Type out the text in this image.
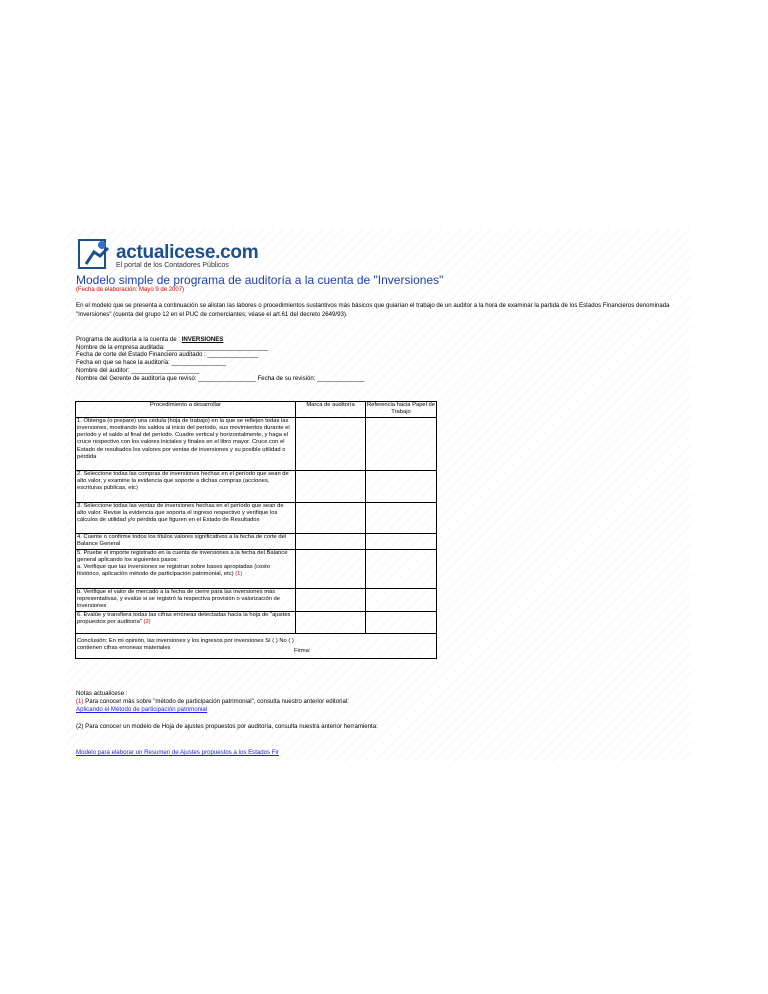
actualicese.com
El portal de los Contadores Públicos
Modelo simple de programa de auditoría a la cuenta de "Inversiones"
(Fecha de elaboración: Mayo 9 de 2007)
En el modelo que se presenta a continuación se alistan las labores o procedimientos sustantivos más básicos que guiarían el trabajo de un auditor a la hora de examinar la partida de los Estados Financieros denominada "Inversiones" (cuenta del grupo 12 en el PUC de comerciantes; véase el art.61 del decreto 2649/93).
Programa de auditoría a la cuenta de : INVERSIONES
Nombre de la empresa auditada: ______________________________
Fecha de corte del Estado Financiero auditado : _______________
Fecha en que se hace la auditoría: ________________
Nombre del auditor: ____________________
Nombre del Gerente de auditoría que revisó: _________________ Fecha de su revisión: ______________
Procedimiento a desarrollar	Marca de auditoría	Referencia hacia Papel de Trabajo
1. Obtenga (o prepare) una cédula (hoja de trabajo) en la que se reflejen todas las inversiones, mostrando los saldos al inicio del período, sus movimientos durante el período y el saldo al final del período. Cuadre vertical y horizontalmente, y haga el cruce respectivo con los valores iniciales y finales en el libro mayor. Cruce con el Estado de resultados los valores por ventas de inversiones y su posible utilidad o pérdida		
2. Seleccione todas las compras de inversiones hechas en el período que sean de alto valor, y examine la evidencia que soporte a dichas compras (acciones, escrituras públicas, etc)		
3. Seleccione todas las ventas de inversiones hechas en el período que sean de alto valor. Revise la evidencia que soporta el ingreso respectivo y verifique los cálculos de utilidad y/o pérdida que figuren en el Estado de Resultados		
4. Cuente o confirme todos los títulos valores significativos a la fecha de corte del Balance General		
5. Pruebe el importe registrado en la cuenta de inversiones a la fecha del Balance general aplicando los siguientes pasos:
a. Verifique que las inversiones se registran sobre bases apropiadas (costo histórico, aplicación método de participación patrimonial, etc) (1)		
b. Verifique el valor de mercado a la fecha de cierre para las inversiones más representativas, y evalúe si se registró la respectiva provisión o valorización de inversiones		
6. Evalúe y transfiera todas las cifras erróneas detectadas hacia la hoja de "ajustes propuestos por auditoría" (2)		

Conclusión: En mi opinión, las inversiones y los ingresos por inversiones Sí ( ) No ( ) contienen cifras erroneas materiales Firma:		
Notas actualicese :
(1) Para conocer más sobre "método de participación patrimonial", consulta nuestro anterior editorial:
Aplicando el Método de participación patrimonial
(2) Para conocer un modelo de Hoja de ajustes propuestos por auditoría, consulta nuestra anterior herramienta:
Modelo para elaborar un Resumen de Ajustes propuestos a los Estados Fir
